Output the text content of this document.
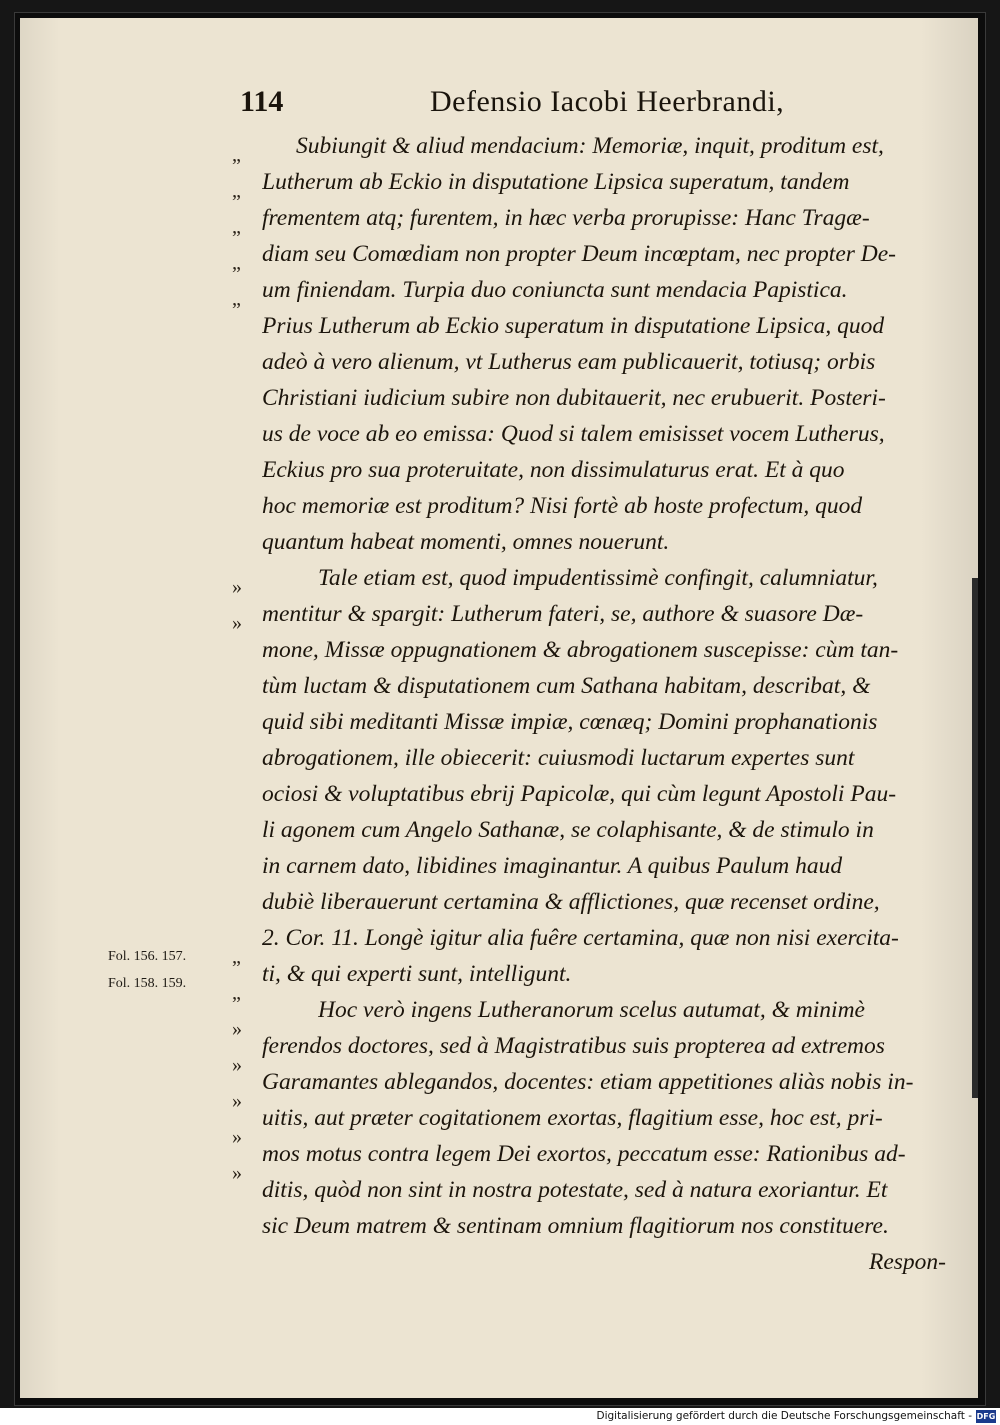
114	Defensio Iacobi Heerbrandi,
„
„
„
„
„
»
»
„
„
»
»
»
»
»
Fol. 156. 157.
Fol. 158. 159.
Subiungit & aliud mendacium: Memoriæ, inquit, proditum est,
Lutherum ab Eckio in disputatione Lipsica superatum, tandem
frementem atq; furentem, in hæc verba prorupisse: Hanc Tragæ-
diam seu Comœdiam non propter Deum incœptam, nec propter De-
um finiendam. Turpia duo coniuncta sunt mendacia Papistica.
Prius Lutherum ab Eckio superatum in disputatione Lipsica, quod
adeò à vero alienum, vt Lutherus eam publicauerit, totiusq; orbis
Christiani iudicium subire non dubitauerit, nec erubuerit. Posteri-
us de voce ab eo emissa: Quod si talem emisisset vocem Lutherus,
Eckius pro sua proteruitate, non dissimulaturus erat. Et à quo
hoc memoriæ est proditum? Nisi fortè ab hoste profectum, quod
quantum habeat momenti, omnes nouerunt.
Tale etiam est, quod impudentissimè confingit, calumniatur,
mentitur & spargit: Lutherum fateri, se, authore & suasore Dæ-
mone, Missæ oppugnationem & abrogationem suscepisse: cùm tan-
tùm luctam & disputationem cum Sathana habitam, describat, &
quid sibi meditanti Missæ impiæ, cœnæq; Domini prophanationis
abrogationem, ille obiecerit: cuiusmodi luctarum expertes sunt
ociosi & voluptatibus ebrij Papicolæ, qui cùm legunt Apostoli Pau-
li agonem cum Angelo Sathanæ, se colaphisante, & de stimulo in
in carnem dato, libidines imaginantur. A quibus Paulum haud
dubiè liberauerunt certamina & afflictiones, quæ recenset ordine,
2. Cor. 11. Longè igitur alia fuêre certamina, quæ non nisi exercita-
ti, & qui experti sunt, intelligunt.
Hoc verò ingens Lutheranorum scelus autumat, & minimè
ferendos doctores, sed à Magistratibus suis propterea ad extremos
Garamantes ablegandos, docentes: etiam appetitiones aliàs nobis in-
uitis, aut præter cogitationem exortas, flagitium esse, hoc est, pri-
mos motus contra legem Dei exortos, peccatum esse: Rationibus ad-
ditis, quòd non sint in nostra potestate, sed à natura exoriantur. Et
sic Deum matrem & sentinam omnium flagitiorum nos constituere.
Respon-
Digitalisierung gefördert durch die Deutsche Forschungsgemeinschaft - DFG
